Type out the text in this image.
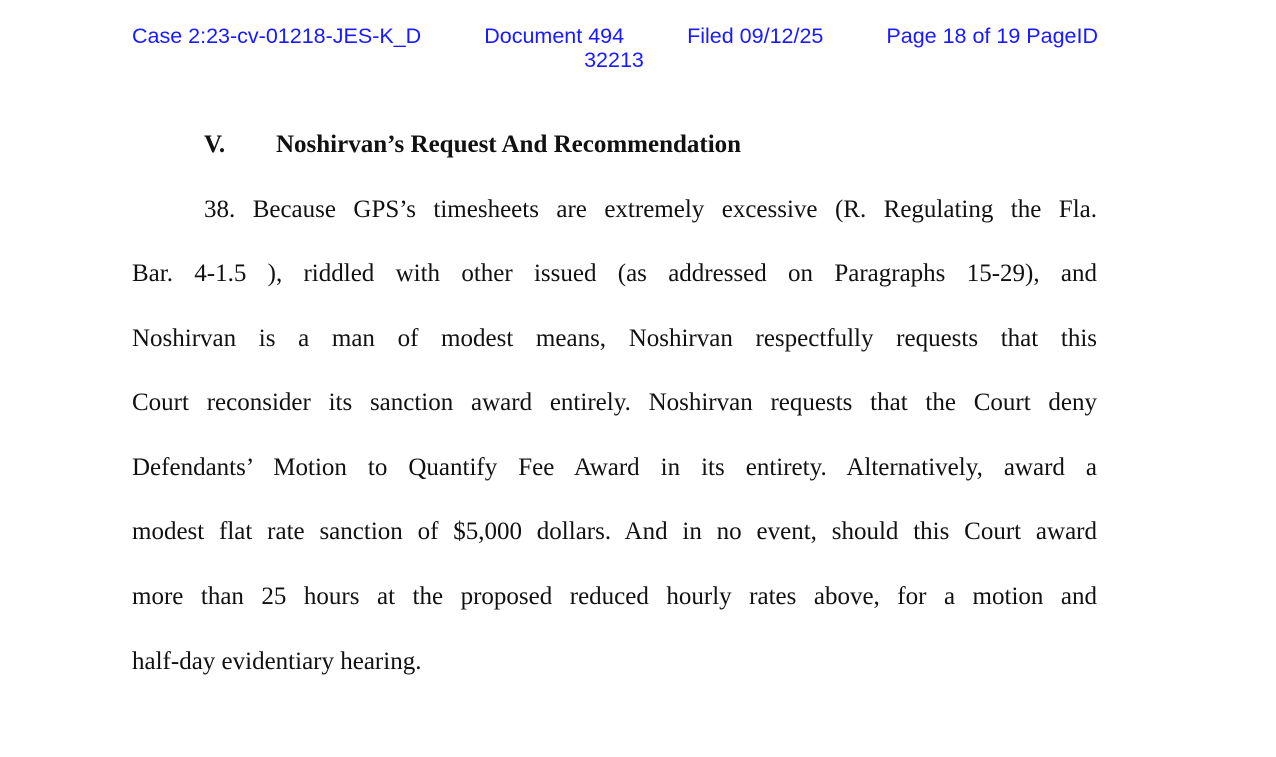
Case 2:23-cv-01218-JES-K_D	Document 494	Filed 09/12/25	Page 18 of 19 PageID
32213
V. Noshirvan’s Request And Recommendation
38. Because GPS’s timesheets are extremely excessive (R. Regulating the Fla.
Bar. 4-1.5 ), riddled with other issued (as addressed on Paragraphs 15-29), and
Noshirvan is a man of modest means, Noshirvan respectfully requests that this
Court reconsider its sanction award entirely. Noshirvan requests that the Court deny
Defendants’ Motion to Quantify Fee Award in its entirety. Alternatively, award a
modest flat rate sanction of $5,000 dollars. And in no event, should this Court award
more than 25 hours at the proposed reduced hourly rates above, for a motion and
half-day evidentiary hearing.
